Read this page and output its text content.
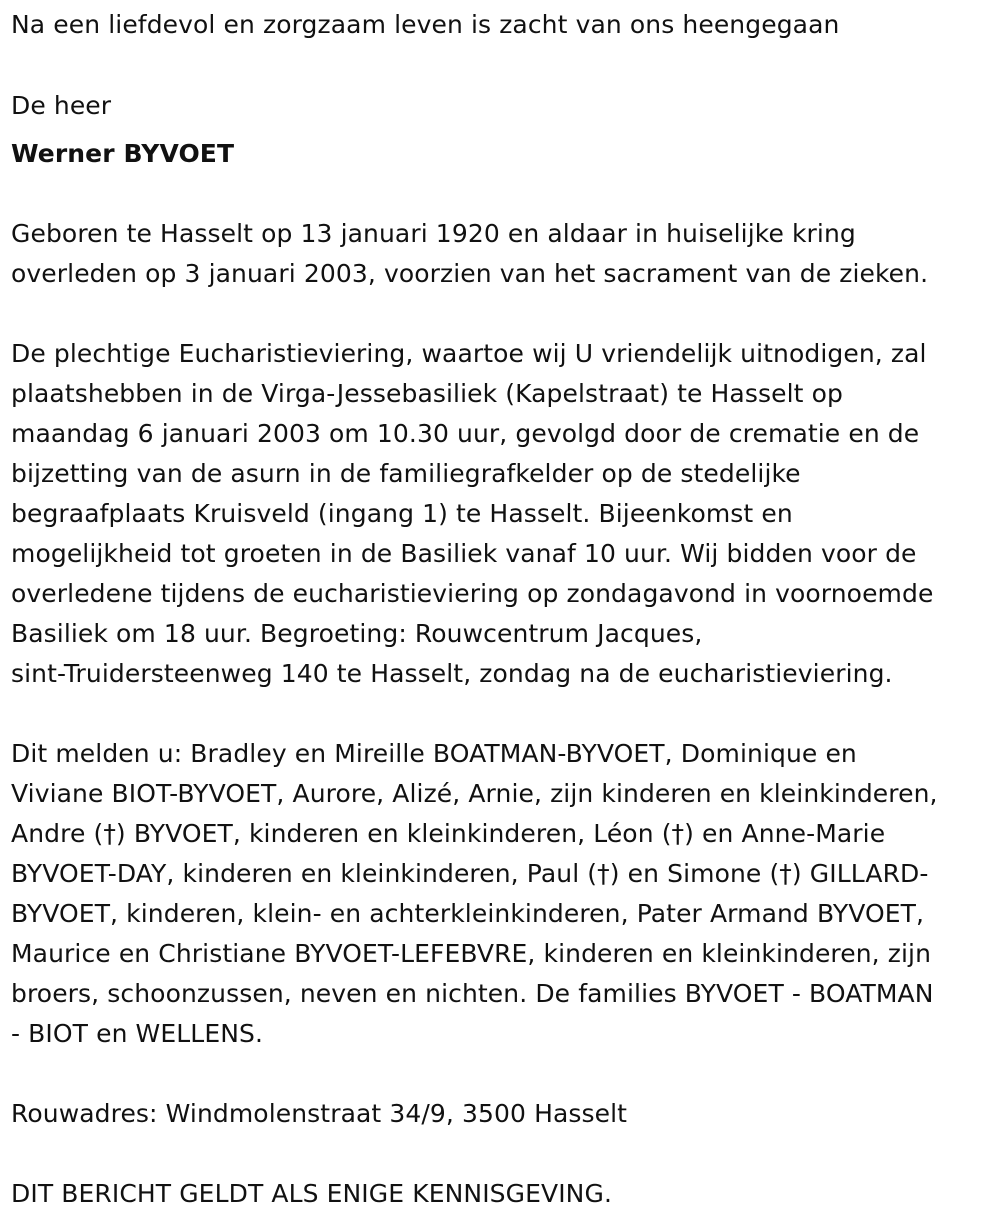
Na een liefdevol en zorgzaam leven is zacht van ons heengegaan
De heer
Werner BYVOET
Geboren te Hasselt op 13 januari 1920 en aldaar in huiselijke kring
overleden op 3 januari 2003, voorzien van het sacrament van de zieken.
De plechtige Eucharistieviering, waartoe wij U vriendelijk uitnodigen, zal
plaatshebben in de Virga-Jessebasiliek (Kapelstraat) te Hasselt op
maandag 6 januari 2003 om 10.30 uur, gevolgd door de crematie en de
bijzetting van de asurn in de familiegrafkelder op de stedelijke
begraafplaats Kruisveld (ingang 1) te Hasselt. Bijeenkomst en
mogelijkheid tot groeten in de Basiliek vanaf 10 uur. Wij bidden voor de
overledene tijdens de eucharistieviering op zondagavond in voornoemde
Basiliek om 18 uur. Begroeting: Rouwcentrum Jacques,
sint-Truidersteenweg 140 te Hasselt, zondag na de eucharistieviering.
Dit melden u: Bradley en Mireille BOATMAN-BYVOET, Dominique en
Viviane BIOT-BYVOET, Aurore, Alizé, Arnie, zijn kinderen en kleinkinderen,
Andre (†) BYVOET, kinderen en kleinkinderen, Léon (†) en Anne-Marie
BYVOET-DAY, kinderen en kleinkinderen, Paul (†) en Simone (†) GILLARD-
BYVOET, kinderen, klein- en achterkleinkinderen, Pater Armand BYVOET,
Maurice en Christiane BYVOET-LEFEBVRE, kinderen en kleinkinderen, zijn
broers, schoonzussen, neven en nichten. De families BYVOET - BOATMAN
- BIOT en WELLENS.
Rouwadres: Windmolenstraat 34/9, 3500 Hasselt
DIT BERICHT GELDT ALS ENIGE KENNISGEVING.
